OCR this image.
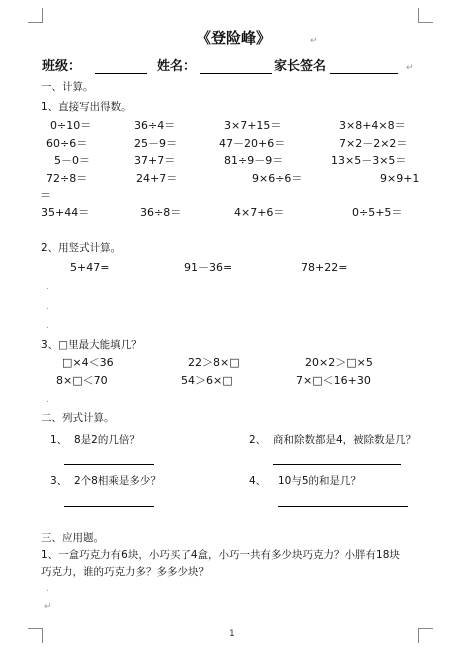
《登险峰》	↵
班级：	姓名：	家长签名	↵
一、计算。
1、直接写出得数。
0÷10＝	36÷4＝	3×7+15＝	3×8+4×8＝
60÷6＝	25－9＝	47－20+6＝	7×2－2×2＝
5－0＝	37+7＝	81÷9－9＝	13×5－3×5＝
72÷8＝	24+7＝	9×6÷6＝	9×9+1
＝
35+44＝	36÷8＝	4×7+6＝	0÷5+5＝
2、用竖式计算。
5+47=	91－36=	78+22=
.
.
.
3、□里最大能填几？
□×4＜36	22＞8×□	20×2＞□×5
8×□＜70	54＞6×□	7×□＜16+30
.
二、列式计算。
1、 8是2的几倍？	2、 商和除数都是4，被除数是几？
3、 2个8相乘是多少？	4、 10与5的和是几？
三、应用题。
1、一盒巧克力有6块，小巧买了4盒，小巧一共有多少块巧克力？小胖有18块
巧克力，谁的巧克力多？多多少块？
.
↵
1
